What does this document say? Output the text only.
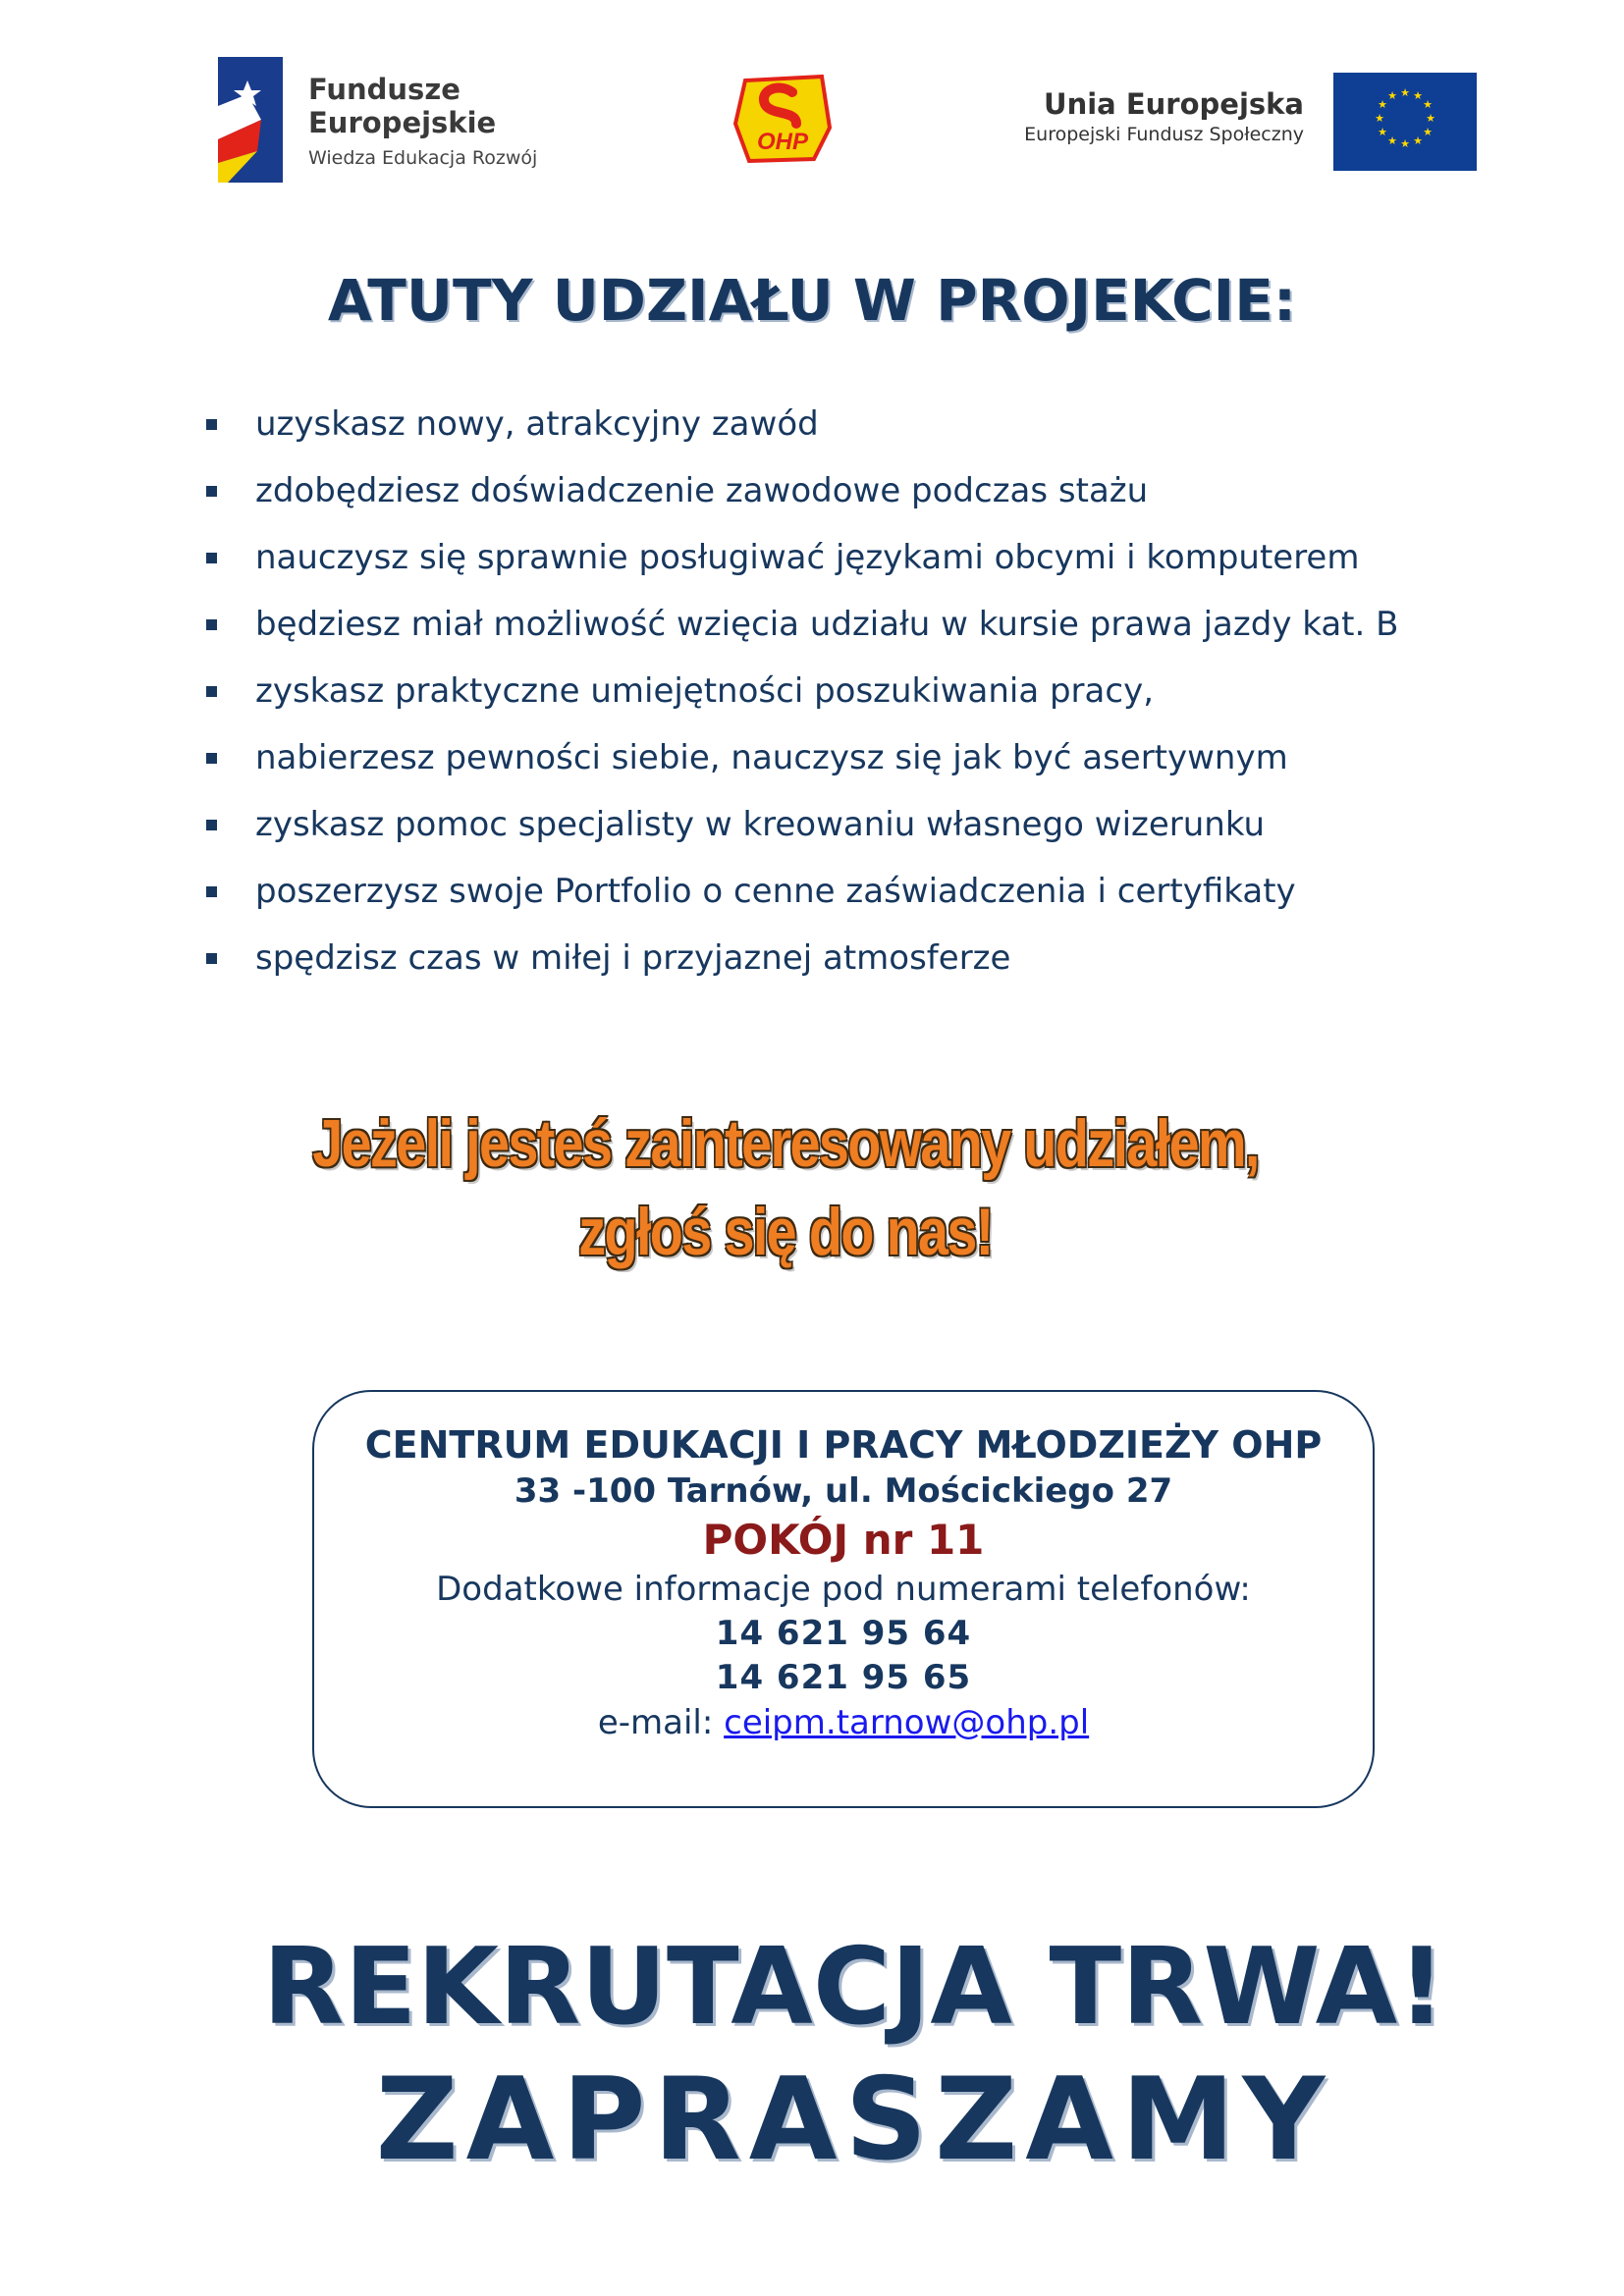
Fundusze
Europejskie
Wiedza Edukacja Rozwój
OHP
Unia Europejska
Europejski Fundusz Społeczny
★ ★
★
★
★
★
★
★
★
★
★
★
ATUTY UDZIAŁU W PROJEKCIE:
uzyskasz nowy, atrakcyjny zawód
zdobędziesz doświadczenie zawodowe podczas stażu
nauczysz się sprawnie posługiwać językami obcymi i komputerem
będziesz miał możliwość wzięcia udziału w kursie prawa jazdy kat. B
zyskasz praktyczne umiejętności poszukiwania pracy,
nabierzesz pewności siebie, nauczysz się jak być asertywnym
zyskasz pomoc specjalisty w kreowaniu własnego wizerunku
poszerzysz swoje Portfolio o cenne zaświadczenia i certyfikaty
spędzisz czas w miłej i przyjaznej atmosferze
Jeżeli jesteś zainteresowany udziałem,
zgłoś się do nas!
CENTRUM EDUKACJI I PRACY MŁODZIEŻY OHP
33 -100 Tarnów, ul. Mościckiego 27
POKÓJ nr 11
Dodatkowe informacje pod numerami telefonów:
14 621 95 64
14 621 95 65
e-mail: ceipm.tarnow@ohp.pl
REKRUTACJA TRWA!
ZAPRASZAMY
